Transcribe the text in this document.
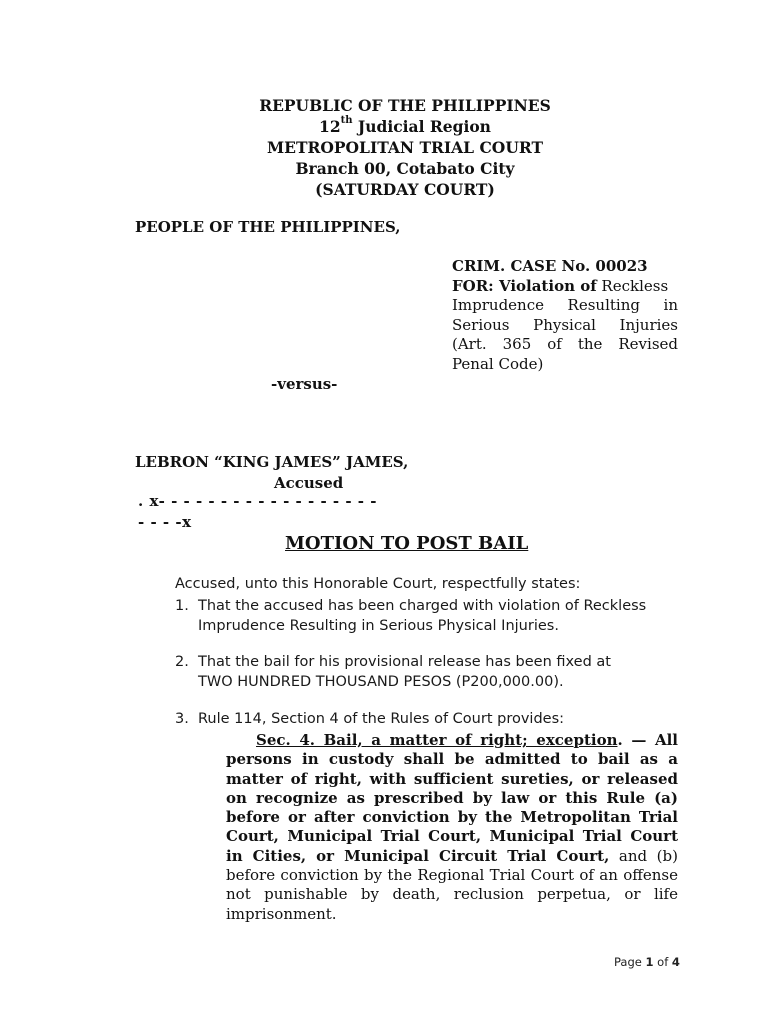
REPUBLIC OF THE PHILIPPINES
12th Judicial Region
METROPOLITAN TRIAL COURT
Branch 00, Cotabato City
(SATURDAY COURT)
PEOPLE OF THE PHILIPPINES,
CRIM. CASE No. 00023
FOR: Violation of Reckless
Imprudence Resulting in
Serious Physical Injuries
(Art. 365 of the Revised
Penal Code)
-versus-
LEBRON “KING JAMES” JAMES,
Accused
. x- - - - - - - - - - - - - - - - - -
- - - -x
MOTION TO POST BAIL
Accused, unto this Honorable Court, respectfully states:
1. That the accused has been charged with violation of Reckless
Imprudence Resulting in Serious Physical Injuries.
2. That the bail for his provisional release has been fixed at
TWO HUNDRED THOUSAND PESOS (P200,000.00).
3. Rule 114, Section 4 of the Rules of Court provides:
Sec. 4. Bail, a matter of right; exception. — All persons in custody shall be admitted to bail as a matter of right, with sufficient sureties, or released on recognize as prescribed by law or this Rule (a) before or after conviction by the Metropolitan Trial Court, Municipal Trial Court, Municipal Trial Court in Cities, or Municipal Circuit Trial Court, and (b) before conviction by the Regional Trial Court of an offense not punishable by death, reclusion perpetua, or life imprisonment.
Page 1 of 4
